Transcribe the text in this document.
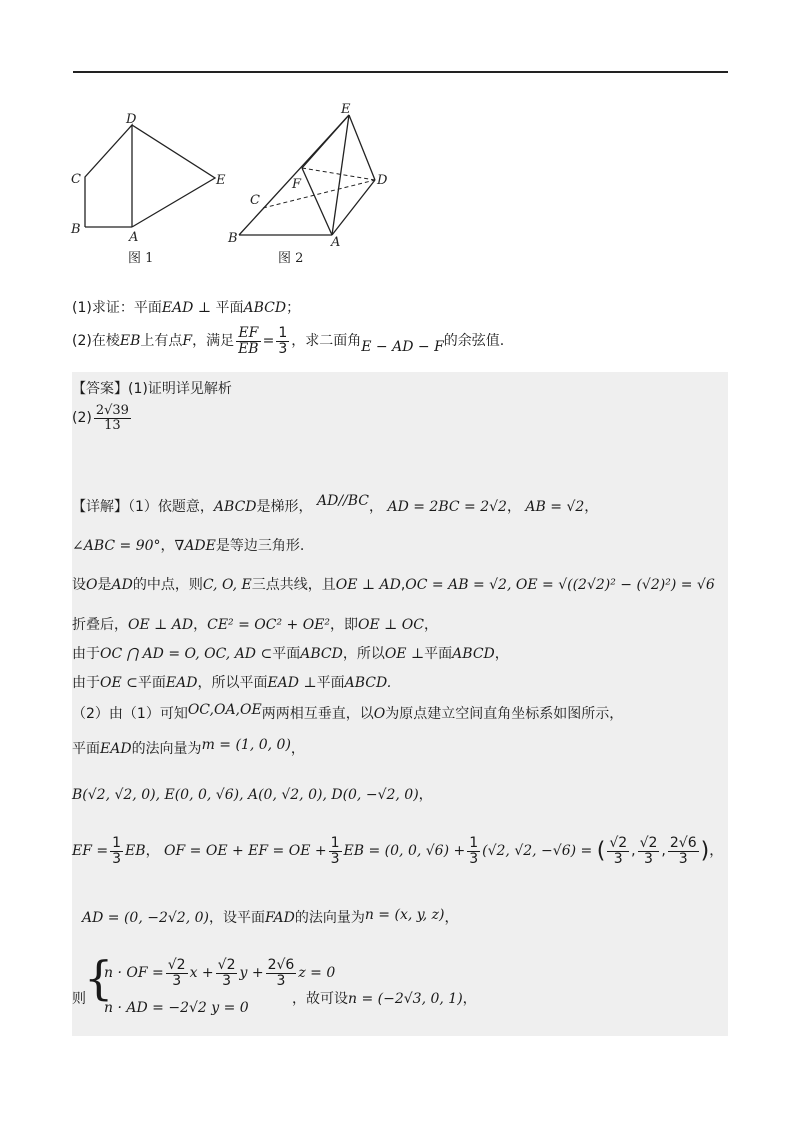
D
C
B
A
E
图 1
E
F
C
D
B	A
图 2
(1)求证：平面EAD ⊥ 平面ABCD；
(2)在棱EB上有点F，满足 $\frac{EF}{EB} = \frac{1}{3}$ ，求二面角E − AD − F的余弦值.
【答案】(1)证明详见解析
$(2) \frac{2√39}{13}$
【详解】（1）依题意，ABCD是梯形， AD//BC， AD = 2BC = 2√2， AB = √2，
∠ABC = 90°，∇ADE是等边三角形.
设O是AD的中点，则C, O, E三点共线，且OE ⊥ AD,OC = AB = √2, OE = √((2√2)² − (√2)²) = √6
折叠后，OE ⊥ AD，CE² = OC² + OE²，即OE ⊥ OC，
由于OC ⋂ AD = O, OC, AD ⊂平面ABCD，所以OE ⊥平面ABCD，
由于OE ⊂平面EAD，所以平面EAD ⊥平面ABCD.
（2）由（1）可知OC,OA,OE两两相互垂直，以O为原点建立空间直角坐标系如图所示，
平面EAD的法向量为m = (1, 0, 0)，
B(√2, √2, 0), E(0, 0, √6), A(0, √2, 0), D(0, −√2, 0)，
EF = $\frac{1}{3}$ EB， OF = OE + EF = OE + $\frac{1}{3}$ EB = (0, 0, $√6) + \frac{1}{3} (√2$, √2, −√6) = ( $\frac{√2}{3}$ , $\frac{√2}{3}$ , $\frac{2√6}{3}$ )，
AD = (0, −2√2, 0)，设平面FAD的法向量为n = (x, y, z)，
则
{
n · OF = $\frac{√2}{3}$ $x + \frac{√2}{3}$ $y + \frac{2√6}{3}$ z = 0
n · AD = −2√2 y = 0
，故可设n = (−2√3, 0, 1)，
